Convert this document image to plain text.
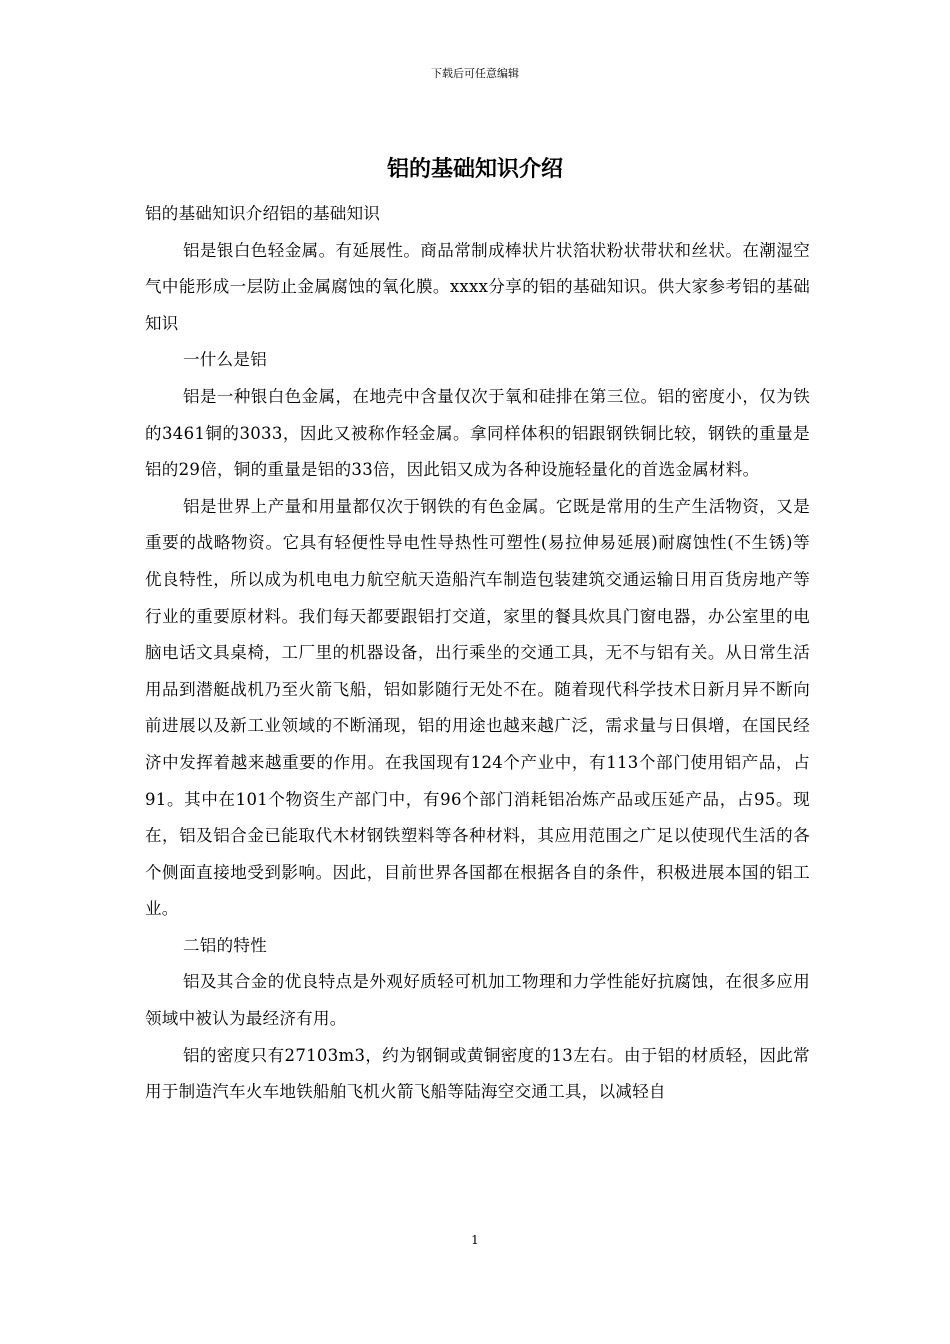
下载后可任意编辑
铝的基础知识介绍

铝的基础知识介绍铝的基础知识

铝是银白色轻金属。有延展性。商品常制成棒状片状箔状粉状带状和丝状。在潮湿空气中能形成一层防止金属腐蚀的氧化膜。xxxx分享的铝的基础知识。供大家参考铝的基础知识

一什么是铝

铝是一种银白色金属，在地壳中含量仅次于氧和硅排在第三位。铝的密度小，仅为铁的3461铜的3033，因此又被称作轻金属。拿同样体积的铝跟钢铁铜比较，钢铁的重量是铝的29倍，铜的重量是铝的33倍，因此铝又成为各种设施轻量化的首选金属材料。

铝是世界上产量和用量都仅次于钢铁的有色金属。它既是常用的生产生活物资，又是重要的战略物资。它具有轻便性导电性导热性可塑性(易拉伸易延展)耐腐蚀性(不生锈)等优良特性，所以成为机电电力航空航天造船汽车制造包装建筑交通运输日用百货房地产等行业的重要原材料。我们每天都要跟铝打交道，家里的餐具炊具门窗电器，办公室里的电脑电话文具桌椅，工厂里的机器设备，出行乘坐的交通工具，无不与铝有关。从日常生活用品到潜艇战机乃至火箭飞船，铝如影随行无处不在。随着现代科学技术日新月异不断向前进展以及新工业领域的不断涌现，铝的用途也越来越广泛，需求量与日俱增，在国民经济中发挥着越来越重要的作用。在我国现有124个产业中，有113个部门使用铝产品，占91。其中在101个物资生产部门中，有96个部门消耗铝冶炼产品或压延产品，占95。现在，铝及铝合金已能取代木材钢铁塑料等各种材料，其应用范围之广足以使现代生活的各个侧面直接地受到影响。因此，目前世界各国都在根据各自的条件，积极进展本国的铝工业。

二铝的特性

铝及其合金的优良特点是外观好质轻可机加工物理和力学性能好抗腐蚀，在很多应用领域中被认为最经济有用。

铝的密度只有27103m3，约为钢铜或黄铜密度的13左右。由于铝的材质轻，因此常用于制造汽车火车地铁船舶飞机火箭飞船等陆海空交通工具，以减轻自

1
